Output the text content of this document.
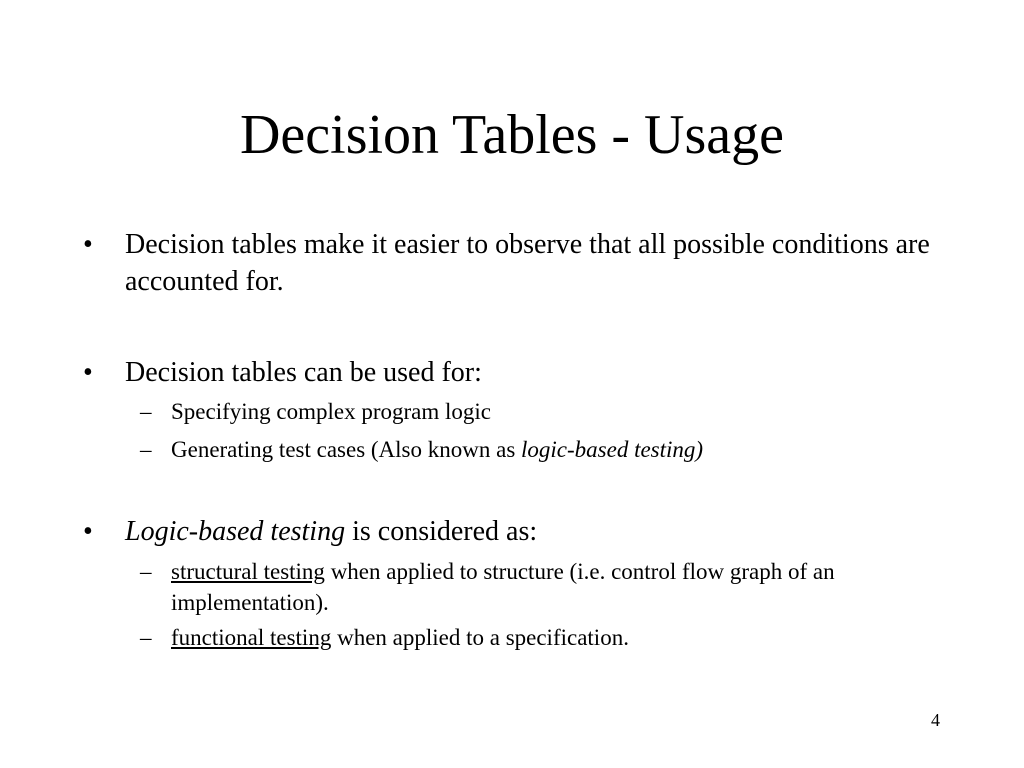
Decision Tables - Usage
• Decision tables make it easier to observe that all possible conditions are accounted for.
• Decision tables can be used for:
– Specifying complex program logic
– Generating test cases (Also known as logic-based testing)
• Logic-based testing is considered as:
– structural testing when applied to structure (i.e. control flow graph of an implementation).
– functional testing when applied to a specification.
4
